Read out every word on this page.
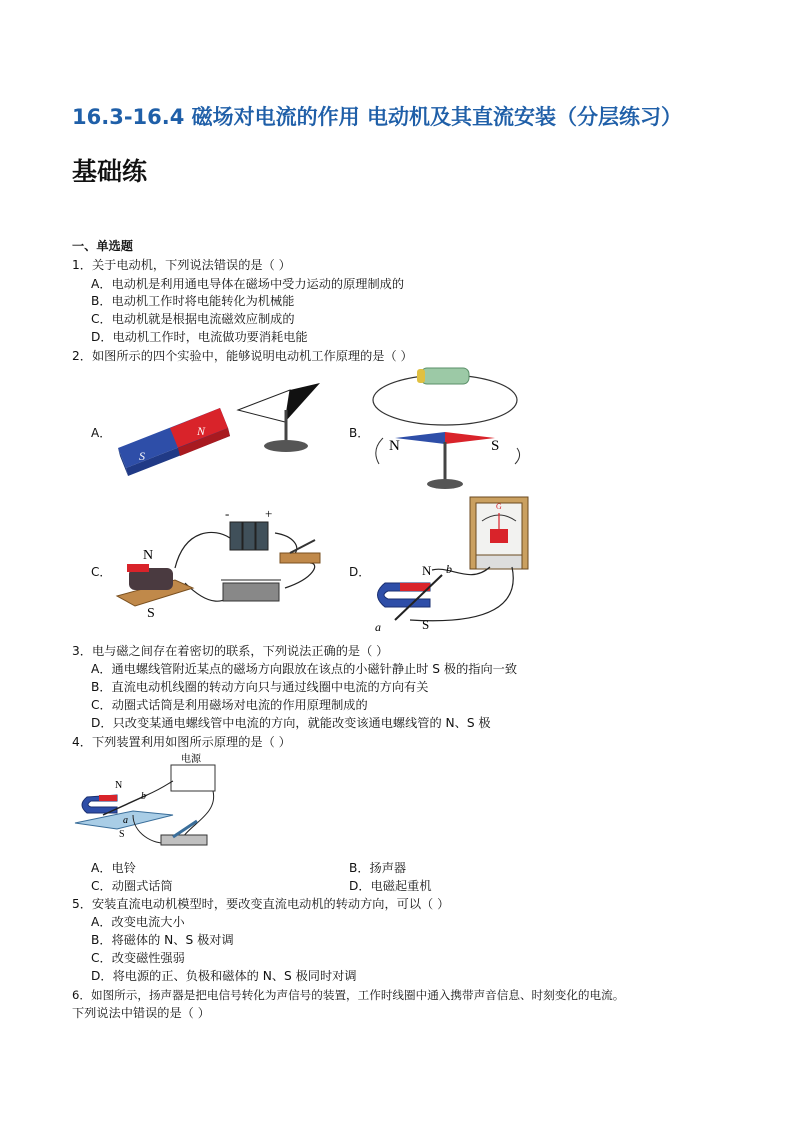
16.3-16.4 磁场对电流的作用 电动机及其直流安装（分层练习）
基础练
一、单选题
1．关于电动机，下列说法错误的是（ ）
A．电动机是利用通电导体在磁场中受力运动的原理制成的
B．电动机工作时将电能转化为机械能
C．电动机就是根据电流磁效应制成的
D．电动机工作时，电流做功要消耗电能
2．如图所示的四个实验中，能够说明电动机工作原理的是（ ）
A．	B．
C．	D．
S
N
N	S
N
S
-	+	G
N
S
a
b
3．电与磁之间存在着密切的联系，下列说法正确的是（ ）
A．通电螺线管附近某点的磁场方向跟放在该点的小磁针静止时 S 极的指向一致
B．直流电动机线圈的转动方向只与通过线圈中电流的方向有关
C．动圈式话筒是利用磁场对电流的作用原理制成的
D．只改变某通电螺线管中电流的方向，就能改变该通电螺线管的 N、S 极
4．下列装置利用如图所示原理的是（ ）
电源
N
S
a
b
A．电铃	B．扬声器
C．动圈式话筒	D．电磁起重机
5．安装直流电动机模型时，要改变直流电动机的转动方向，可以（ ）
A．改变电流大小
B．将磁体的 N、S 极对调
C．改变磁性强弱
D．将电源的正、负极和磁体的 N、S 极同时对调
6．如图所示，扬声器是把电信号转化为声信号的装置，工作时线圈中通入携带声音信息、时刻变化的电流。
下列说法中错误的是（ ）
